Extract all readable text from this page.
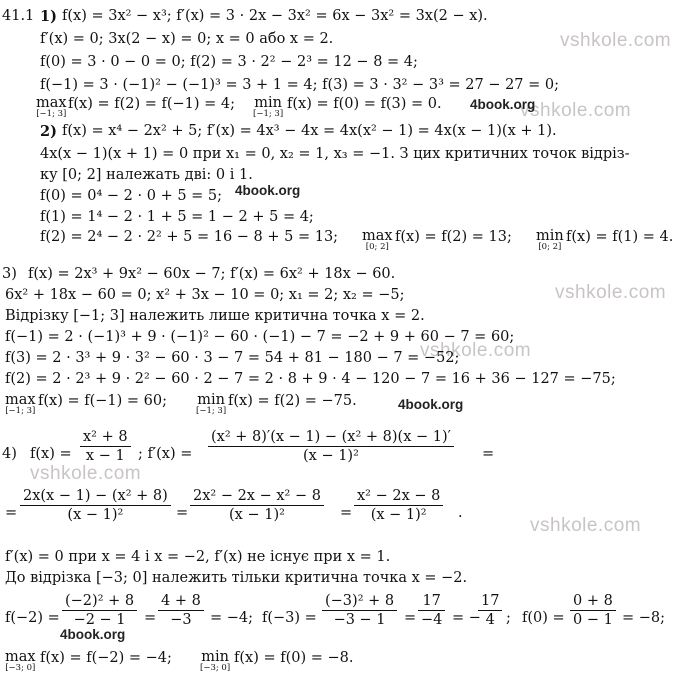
vshkole.com
vshkole.com
vshkole.com
vshkole.com
vshkole.com
vshkole.com
41.1 1) f(x) = 3x² − x³; f′(x) = 3 · 2x − 3x² = 6x − 3x² = 3x(2 − x).
f′(x) = 0; 3x(2 − x) = 0; x = 0 або x = 2.
f(0) = 3 · 0 − 0 = 0; f(2) = 3 · 2² − 2³ = 12 − 8 = 4;
f(−1) = 3 · (−1)² − (−1)³ = 3 + 1 = 4; f(3) = 3 · 3² − 3³ = 27 − 27 = 0;
max
[−1; 3]
f(x) = f(2) = f(−1) = 4; min
[−1; 3]
f(x) = f(0) = f(3) = 0. 4book.org
2) f(x) = x⁴ − 2x² + 5; f′(x) = 4x³ − 4x = 4x(x² − 1) = 4x(x − 1)(x + 1).
4x(x − 1)(x + 1) = 0 при x₁ = 0, x₂ = 1, x₃ = −1. З цих критичних точок відріз-
ку [0; 2] належать дві: 0 і 1.
f(0) = 0⁴ − 2 · 0 + 5 = 5; 4book.org
f(1) = 1⁴ − 2 · 1 + 5 = 1 − 2 + 5 = 4;
f(2) = 2⁴ − 2 · 2² + 5 = 16 − 8 + 5 = 13; max
[0; 2]
f(x) = f(2) = 13; min
[0; 2]
f(x) = f(1) = 4.
3) f(x) = 2x³ + 9x² − 60x − 7; f′(x) = 6x² + 18x − 60.
6x² + 18x − 60 = 0; x² + 3x − 10 = 0; x₁ = 2; x₂ = −5;
Відрізку [−1; 3] належить лише критична точка x = 2.
f(−1) = 2 · (−1)³ + 9 · (−1)² − 60 · (−1) − 7 = −2 + 9 + 60 − 7 = 60;
f(3) = 2 · 3³ + 9 · 3² − 60 · 3 − 7 = 54 + 81 − 180 − 7 = −52;
f(2) = 2 · 2³ + 9 · 2² − 60 · 2 − 7 = 2 · 8 + 9 · 4 − 120 − 7 = 16 + 36 − 127 = −75;
max
[−1; 3]
f(x) = f(−1) = 60; min
[−1; 3]
f(x) = f(2) = −75.	4book.org
4) $f(x) = \frac{\text{x² + 8}}{x - 1}$ ; $f'(x) = \frac{\text{(x² + 8)′(x − 1) − (x² + 8)(x − 1)′}}{\text{(x − 1)²}}$ =
= $\frac{\text{2x(x − 1) − (x² + 8)}}{\text{(x − 1)²}} = \frac{\text{2x² − 2x − x² − 8}}{\text{(x − 1)²}} = \frac{\text{x² − 2x − 8}}{\text{(x − 1)²}}$ .
f′(x) = 0 при x = 4 і x = −2, f′(x) не існує при x = 1.
До відрізка [−3; 0] належить тільки критична точка x = −2.
$f(-2) = \frac{\text{(−2)² + 8}}{-2 - 1} = \frac{4 + 8}{-3} = -4$; $f(-3) = \frac{\text{(−3)² + 8}}{-3 - 1} = \frac{17}{-4}$ = −
$\frac{17}{4}$ ; $f(0) = \frac{0 + 8}{0 - 1} = -8$;
4book.org
max
[−3; 0]
f(x) = f(−2) = −4; min
[−3; 0]
f(x) = f(0) = −8.
